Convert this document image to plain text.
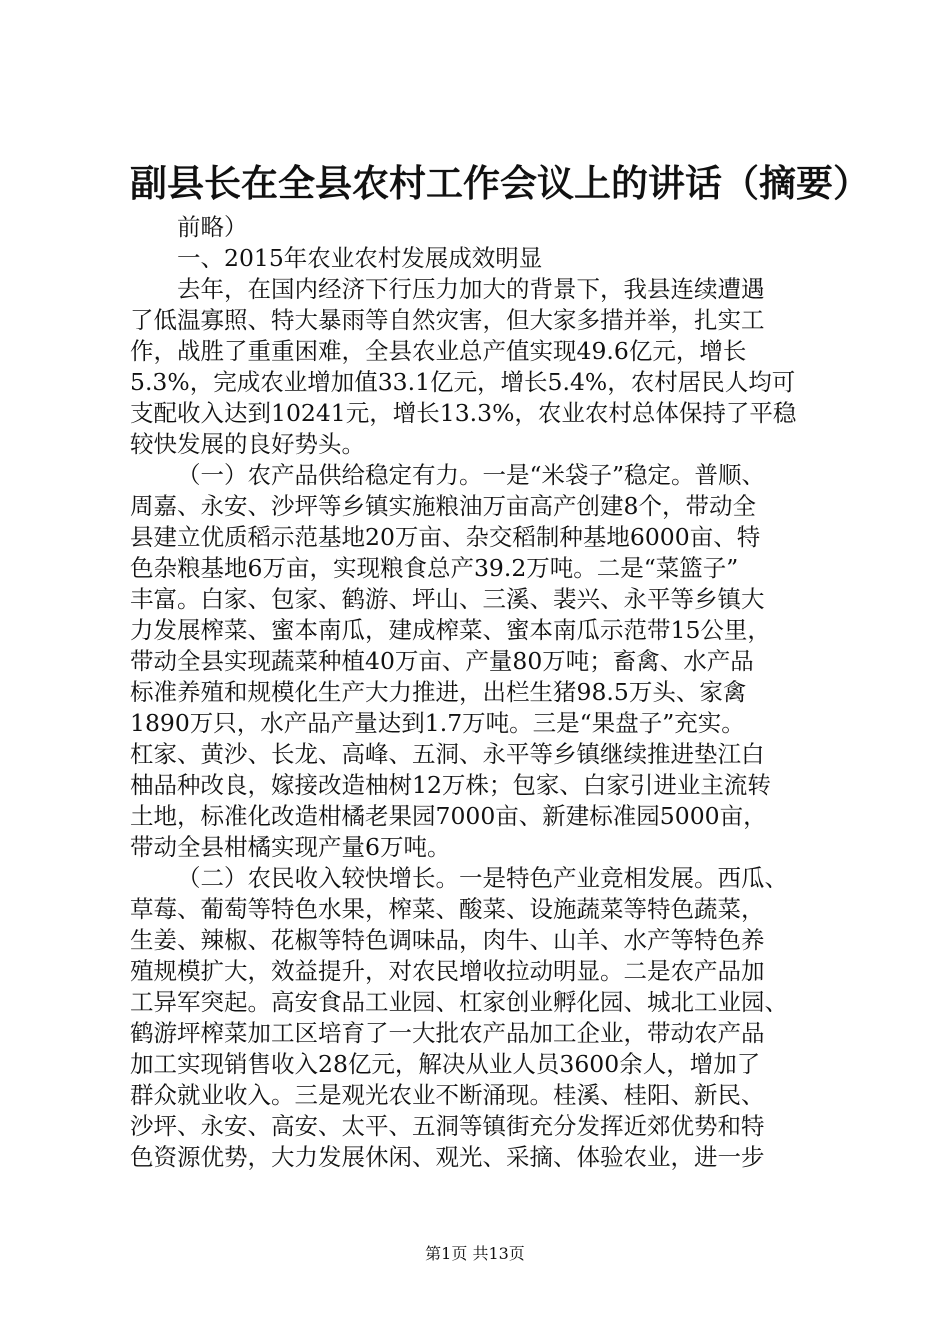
副县长在全县农村工作会议上的讲话（摘要）
前略）
一、2015年农业农村发展成效明显
去年，在国内经济下行压力加大的背景下，我县连续遭遇
了低温寡照、特大暴雨等自然灾害，但大家多措并举，扎实工
作，战胜了重重困难，全县农业总产值实现49.6亿元，增长
5.3%，完成农业增加值33.1亿元，增长5.4%，农村居民人均可
支配收入达到10241元，增长13.3%，农业农村总体保持了平稳
较快发展的良好势头。
（一）农产品供给稳定有力。一是“米袋子”稳定。普顺、
周嘉、永安、沙坪等乡镇实施粮油万亩高产创建8个，带动全
县建立优质稻示范基地20万亩、杂交稻制种基地6000亩、特
色杂粮基地6万亩，实现粮食总产39.2万吨。二是“菜篮子”
丰富。白家、包家、鹤游、坪山、三溪、裴兴、永平等乡镇大
力发展榨菜、蜜本南瓜，建成榨菜、蜜本南瓜示范带15公里，
带动全县实现蔬菜种植40万亩、产量80万吨；畜禽、水产品
标准养殖和规模化生产大力推进，出栏生猪98.5万头、家禽
1890万只，水产品产量达到1.7万吨。三是“果盘子”充实。
杠家、黄沙、长龙、高峰、五洞、永平等乡镇继续推进垫江白
柚品种改良，嫁接改造柚树12万株；包家、白家引进业主流转
土地，标准化改造柑橘老果园7000亩、新建标准园5000亩，
带动全县柑橘实现产量6万吨。
（二）农民收入较快增长。一是特色产业竞相发展。西瓜、
草莓、葡萄等特色水果，榨菜、酸菜、设施蔬菜等特色蔬菜，
生姜、辣椒、花椒等特色调味品，肉牛、山羊、水产等特色养
殖规模扩大，效益提升，对农民增收拉动明显。二是农产品加
工异军突起。高安食品工业园、杠家创业孵化园、城北工业园、
鹤游坪榨菜加工区培育了一大批农产品加工企业，带动农产品
加工实现销售收入28亿元，解决从业人员3600余人，增加了
群众就业收入。三是观光农业不断涌现。桂溪、桂阳、新民、
沙坪、永安、高安、太平、五洞等镇街充分发挥近郊优势和特
色资源优势，大力发展休闲、观光、采摘、体验农业，进一步
第1页 共13页
